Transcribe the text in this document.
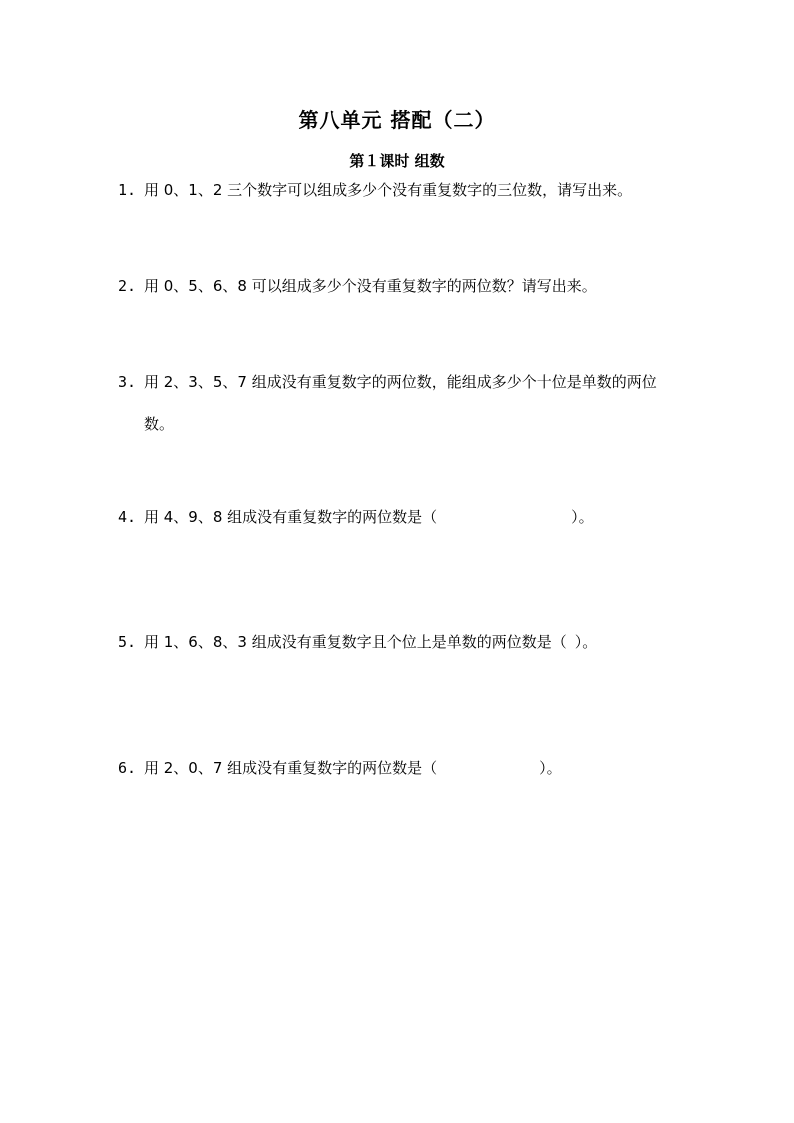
第八单元 搭配（二）
第１课时 组数
1. 用 0、1、2 三个数字可以组成多少个没有重复数字的三位数，请写出来。
2. 用 0、5、6、8 可以组成多少个没有重复数字的两位数？请写出来。
3. 用 2、3、5、7 组成没有重复数字的两位数，能组成多少个十位是单数的两位
数。
4. 用 4、9、8 组成没有重复数字的两位数是（	）。
5. 用 1、6、8、3 组成没有重复数字且个位上是单数的两位数是（ ）。
6. 用 2、0、7 组成没有重复数字的两位数是（	）。
